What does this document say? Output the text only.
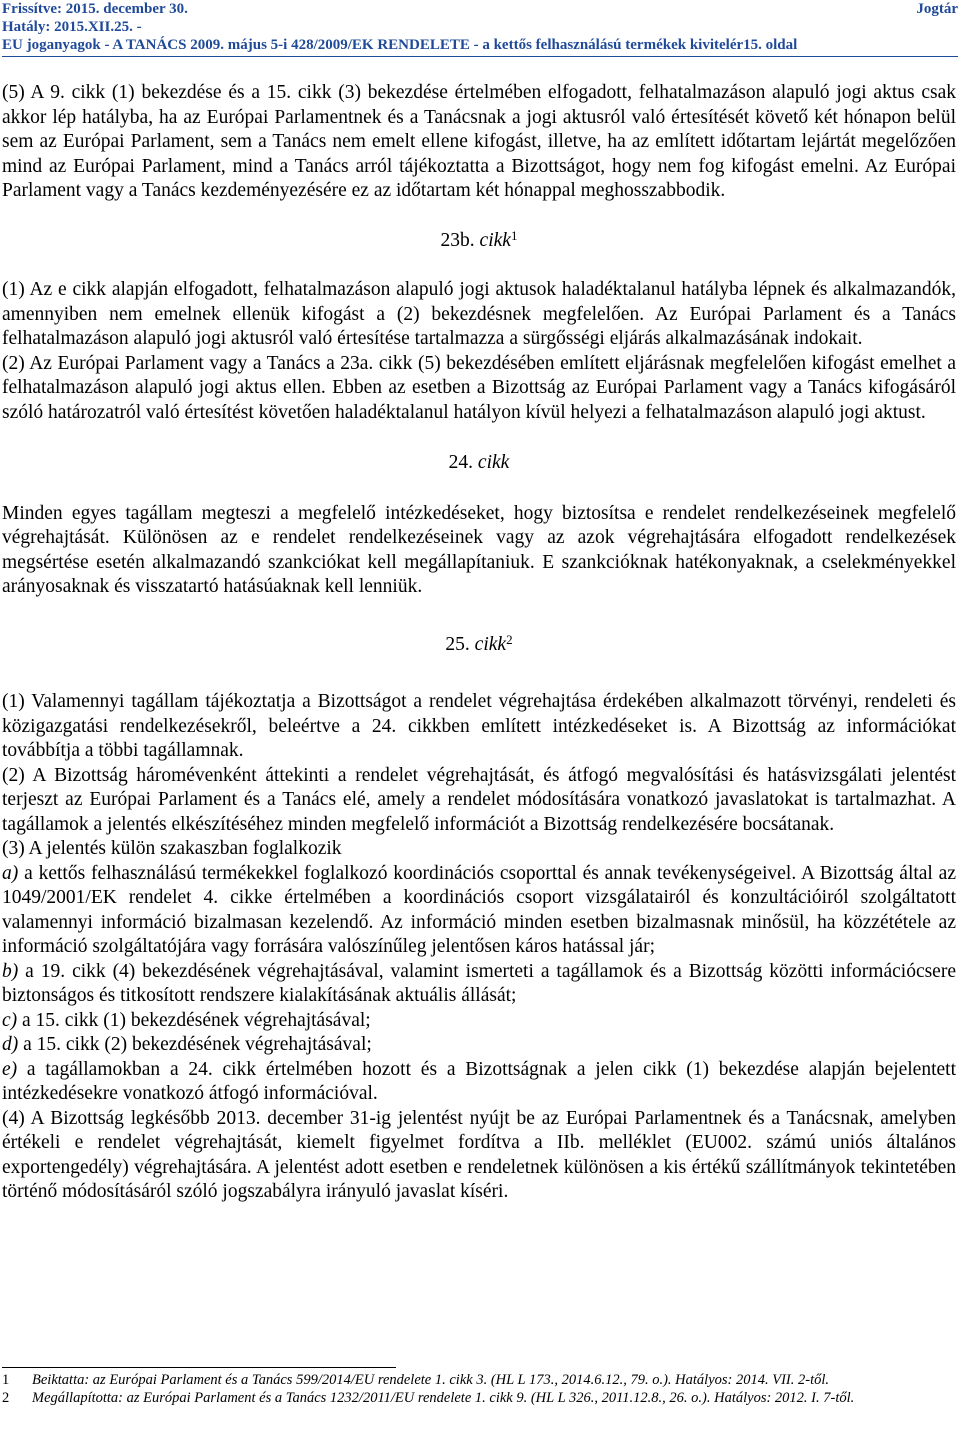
Frissítve: 2015. december 30.	Jogtár
Hatály: 2015.XII.25. -
EU joganyagok - A TANÁCS 2009. május 5-i 428/2009/EK RENDELETE - a kettős felhasználású termékek kivitelér15. oldal

(5) A 9. cikk (1) bekezdése és a 15. cikk (3) bekezdése értelmében elfogadott, felhatalmazáson alapuló jogi aktus csak akkor lép hatályba, ha az Európai Parlamentnek és a Tanácsnak a jogi aktusról való értesítését követő két hónapon belül sem az Európai Parlament, sem a Tanács nem emelt ellene kifogást, illetve, ha az említett időtartam lejártát megelőzően mind az Európai Parlament, mind a Tanács arról tájékoztatta a Bizottságot, hogy nem fog kifogást emelni. Az Európai Parlament vagy a Tanács kezdeményezésére ez az időtartam két hónappal meghosszabbodik.

23b. cikk$^1$

(1) Az e cikk alapján elfogadott, felhatalmazáson alapuló jogi aktusok haladéktalanul hatályba lépnek és alkalmazandók, amennyiben nem emelnek ellenük kifogást a (2) bekezdésnek megfelelően. Az Európai Parlament és a Tanács felhatalmazáson alapuló jogi aktusról való értesítése tartalmazza a sürgősségi eljárás alkalmazásának indokait.

(2) Az Európai Parlament vagy a Tanács a 23a. cikk (5) bekezdésében említett eljárásnak megfelelően kifogást emelhet a felhatalmazáson alapuló jogi aktus ellen. Ebben az esetben a Bizottság az Európai Parlament vagy a Tanács kifogásáról szóló határozatról való értesítést követően haladéktalanul hatályon kívül helyezi a felhatalmazáson alapuló jogi aktust.

24. cikk

Minden egyes tagállam megteszi a megfelelő intézkedéseket, hogy biztosítsa e rendelet rendelkezéseinek megfelelő végrehajtását. Különösen az e rendelet rendelkezéseinek vagy az azok végrehajtására elfogadott rendelkezések megsértése esetén alkalmazandó szankciókat kell megállapítaniuk. E szankcióknak hatékonyaknak, a cselekményekkel arányosaknak és visszatartó hatásúaknak kell lenniük.

25. cikk$^2$

(1) Valamennyi tagállam tájékoztatja a Bizottságot a rendelet végrehajtása érdekében alkalmazott törvényi, rendeleti és közigazgatási rendelkezésekről, beleértve a 24. cikkben említett intézkedéseket is. A Bizottság az információkat továbbítja a többi tagállamnak.

(2) A Bizottság háromévenként áttekinti a rendelet végrehajtását, és átfogó megvalósítási és hatásvizsgálati jelentést terjeszt az Európai Parlament és a Tanács elé, amely a rendelet módosítására vonatkozó javaslatokat is tartalmazhat. A tagállamok a jelentés elkészítéséhez minden megfelelő információt a Bizottság rendelkezésére bocsátanak.

(3) A jelentés külön szakaszban foglalkozik

a) a kettős felhasználású termékekkel foglalkozó koordinációs csoporttal és annak tevékenységeivel. A Bizottság által az 1049/2001/EK rendelet 4. cikke értelmében a koordinációs csoport vizsgálatairól és konzultációiról szolgáltatott valamennyi információ bizalmasan kezelendő. Az információ minden esetben bizalmasnak minősül, ha közzététele az információ szolgáltatójára vagy forrására valószínűleg jelentősen káros hatással jár;

b) a 19. cikk (4) bekezdésének végrehajtásával, valamint ismerteti a tagállamok és a Bizottság közötti információcsere biztonságos és titkosított rendszere kialakításának aktuális állását;

c) a 15. cikk (1) bekezdésének végrehajtásával;

d) a 15. cikk (2) bekezdésének végrehajtásával;

e) a tagállamokban a 24. cikk értelmében hozott és a Bizottságnak a jelen cikk (1) bekezdése alapján bejelentett intézkedésekre vonatkozó átfogó információval.

(4) A Bizottság legkésőbb 2013. december 31-ig jelentést nyújt be az Európai Parlamentnek és a Tanácsnak, amelyben értékeli e rendelet végrehajtását, kiemelt figyelmet fordítva a IIb. melléklet (EU002. számú uniós általános exportengedély) végrehajtására. A jelentést adott esetben e rendeletnek különösen a kis értékű szállítmányok tekintetében történő módosításáról szóló jogszabályra irányuló javaslat kíséri.

1	Beiktatta: az Európai Parlament és a Tanács 599/2014/EU rendelete 1. cikk 3. (HL L 173., 2014.6.12., 79. o.). Hatályos: 2014. VII. 2-től.

2	Megállapította: az Európai Parlament és a Tanács 1232/2011/EU rendelete 1. cikk 9. (HL L 326., 2011.12.8., 26. o.). Hatályos: 2012. I. 7-től.
